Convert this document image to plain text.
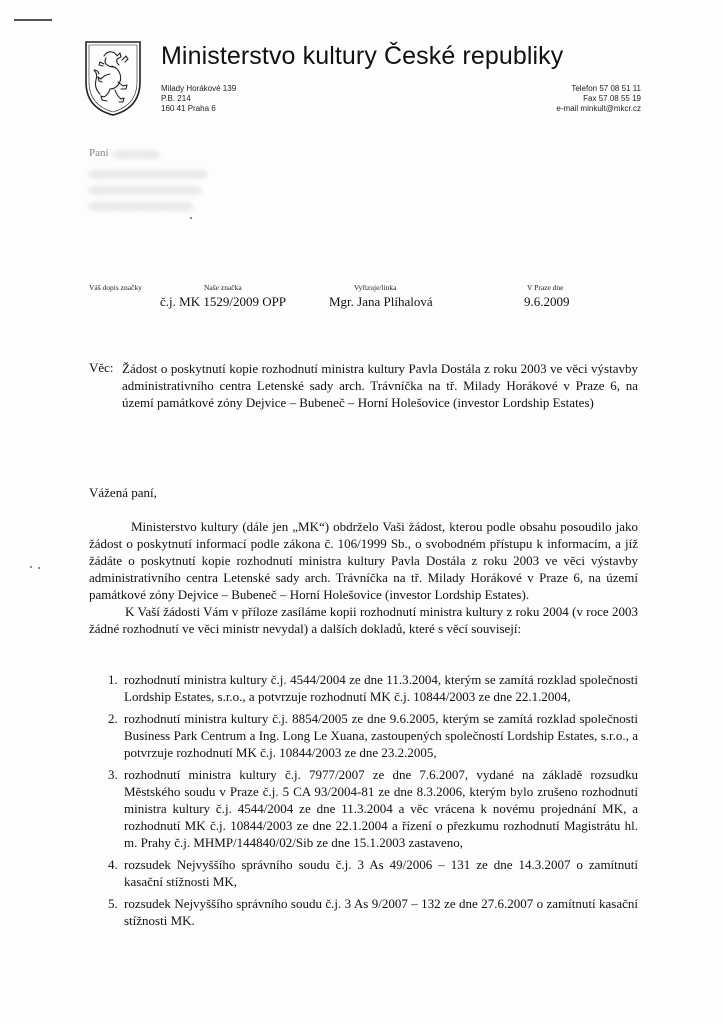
Ministerstvo kultury České republiky
Milady Horákové 139
P.B. 214
160 41 Praha 6
Telefon 57 08 51 11
Fax 57 08 55 19
e-mail minkult@mkcr.cz
Paní
Váš dopis značky	Naše značka
č.j. MK 1529/2009 OPP
Vyřizuje/linka
Mgr. Jana Plíhalová
V Praze dne
9.6.2009
Věc: Žádost o poskytnutí kopie rozhodnutí ministra kultury Pavla Dostála z roku 2003 ve věci výstavby administrativního centra Letenské sady arch. Trávníčka na tř. Milady Horákové v Praze 6, na území památkové zóny Dejvice – Bubeneč – Horní Holešovice (investor Lordship Estates)
Vážená paní,

Ministerstvo kultury (dále jen „MK“) obdrželo Vaši žádost, kterou podle obsahu posoudilo jako žádost o poskytnutí informací podle zákona č. 106/1999 Sb., o svobodném přístupu k informacím, a jíž žádáte o poskytnutí kopie rozhodnutí ministra kultury Pavla Dostála z roku 2003 ve věci výstavby administrativního centra Letenské sady arch. Trávníčka na tř. Milady Horákové v Praze 6, na území památkové zóny Dejvice – Bubeneč – Horní Holešovice (investor Lordship Estates).

K Vaší žádosti Vám v příloze zasíláme kopii rozhodnutí ministra kultury z roku 2004 (v roce 2003 žádné rozhodnutí ve věci ministr nevydal) a dalších dokladů, které s věcí souvisejí:

1. rozhodnutí ministra kultury č.j. 4544/2004 ze dne 11.3.2004, kterým se zamítá rozklad společnosti Lordship Estates, s.r.o., a potvrzuje rozhodnutí MK č.j. 10844/2003 ze dne 22.1.2004,
2. rozhodnutí ministra kultury č.j. 8854/2005 ze dne 9.6.2005, kterým se zamítá rozklad společnosti Business Park Centrum a Ing. Long Le Xuana, zastoupených společností Lordship Estates, s.r.o., a potvrzuje rozhodnutí MK č.j. 10844/2003 ze dne 23.2.2005,
3. rozhodnutí ministra kultury č.j. 7977/2007 ze dne 7.6.2007, vydané na základě rozsudku Městského soudu v Praze č.j. 5 CA 93/2004-81 ze dne 8.3.2006, kterým bylo zrušeno rozhodnutí ministra kultury č.j. 4544/2004 ze dne 11.3.2004 a věc vrácena k novému projednání MK, a rozhodnutí MK č.j. 10844/2003 ze dne 22.1.2004 a řízení o přezkumu rozhodnutí Magistrátu hl. m. Prahy č.j. MHMP/144840/02/Sib ze dne 15.1.2003 zastaveno,
4. rozsudek Nejvyššího správního soudu č.j. 3 As 49/2006 – 131 ze dne 14.3.2007 o zamítnutí kasační stížnosti MK,
5. rozsudek Nejvyššího správního soudu č.j. 3 As 9/2007 – 132 ze dne 27.6.2007 o zamítnutí kasační stížnosti MK.
